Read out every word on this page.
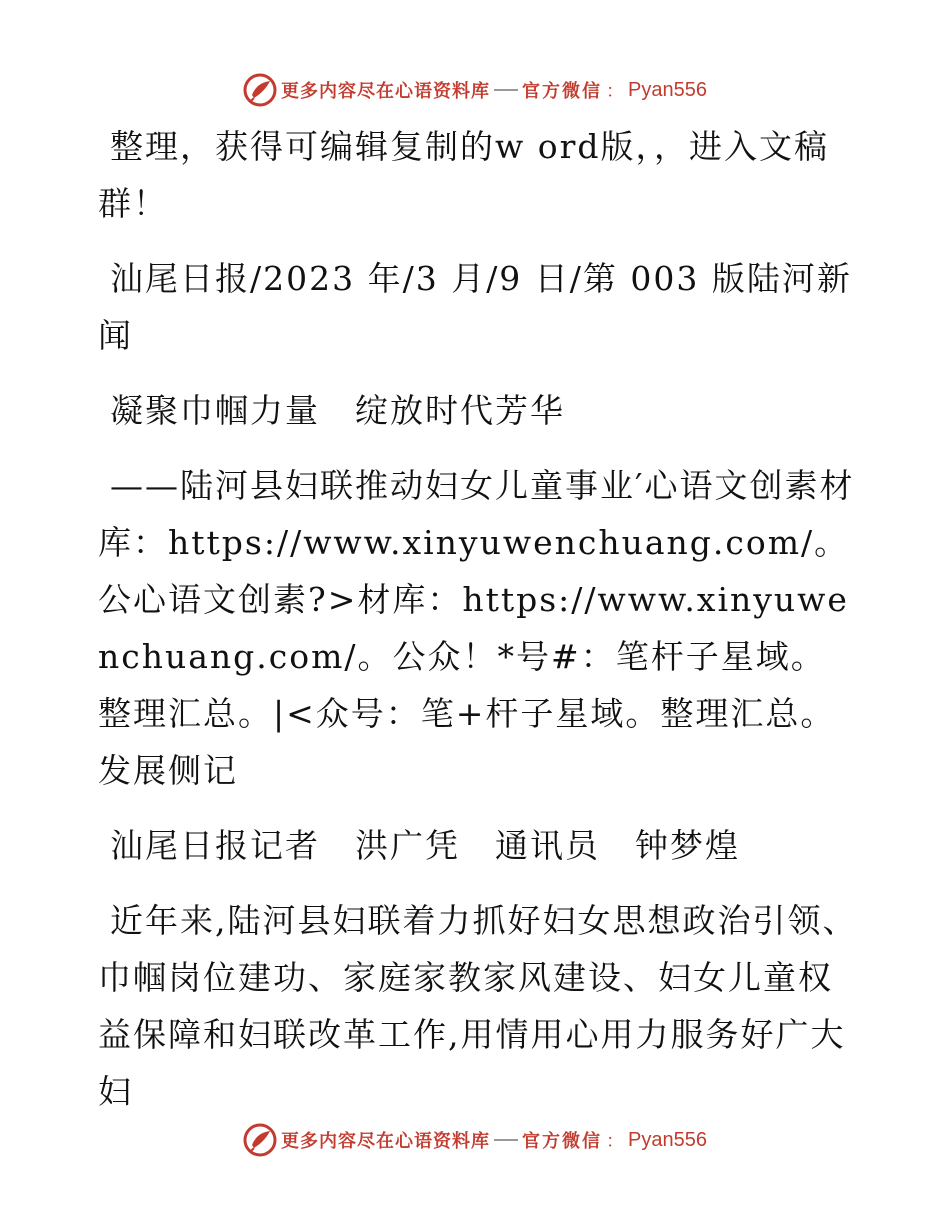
更多内容尽在心语资料库 官方微信 ： Pyan556

整理，获得可编辑复制的w ord版，，进入文稿群！

汕尾日报/2023 年/3 月/9 日/第 003 版陆河新闻

凝聚巾帼力量　绽放时代芳华

——陆河县妇联推动妇女儿童事业′心语文创素材库：https://www.xinyuwenchuang.com/。公心语文创素?>材库：https://www.xinyuwenchuang.com/。公众！*号#：笔杆子星域。整理汇总。|<众号：笔+杆子星域。整理汇总。发展侧记

汕尾日报记者　洪广凭　通讯员　钟梦煌

近年来,陆河县妇联着力抓好妇女思想政治引领、巾帼岗位建功、家庭家教家风建设、妇女儿童权益保障和妇联改革工作,用情用心用力服务好广大妇

更多内容尽在心语资料库 官方微信 ： Pyan556
